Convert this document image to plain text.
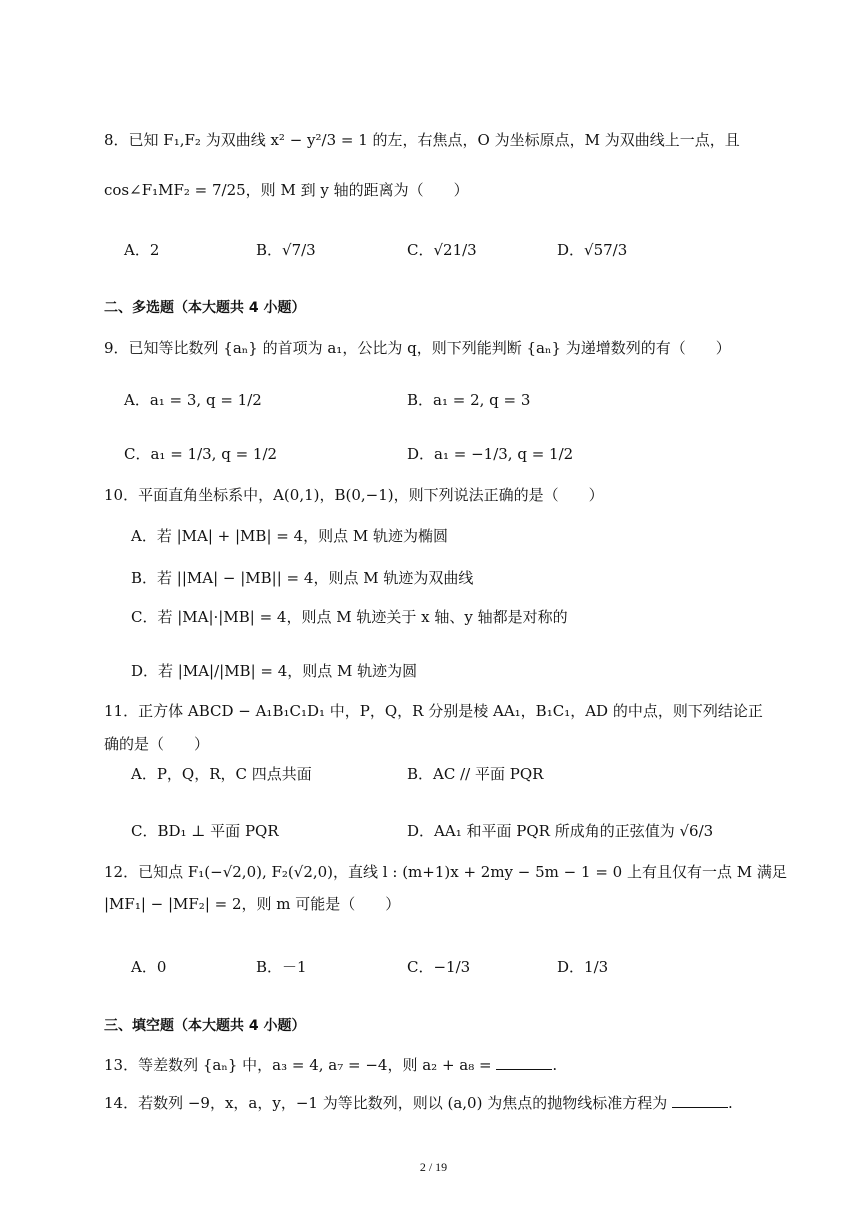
8．已知 F₁,F₂ 为双曲线 x² − y²/3 = 1 的左，右焦点，O 为坐标原点，M 为双曲线上一点，且
cos∠F₁MF₂ = 7/25，则 M 到 y 轴的距离为（　　）
A．2	B．√7/3	C．√21/3	D．√57/3
二、多选题（本大题共 4 小题）
9．已知等比数列 {aₙ} 的首项为 a₁，公比为 q，则下列能判断 {aₙ} 为递增数列的有（　　）
A．a₁ = 3, q = 1/2	B．a₁ = 2, q = 3
C．a₁ = 1/3, q = 1/2	D．a₁ = −1/3, q = 1/2
10．平面直角坐标系中，A(0,1)，B(0,−1)，则下列说法正确的是（　　）
A．若 |MA| + |MB| = 4，则点 M 轨迹为椭圆
B．若 ||MA| − |MB|| = 4，则点 M 轨迹为双曲线
C．若 |MA|·|MB| = 4，则点 M 轨迹关于 x 轴、y 轴都是对称的
D．若 |MA|/|MB| = 4，则点 M 轨迹为圆
11．正方体 ABCD − A₁B₁C₁D₁ 中，P，Q，R 分别是棱 AA₁，B₁C₁，AD 的中点，则下列结论正
确的是（　　）
A．P，Q，R，C 四点共面	B．AC // 平面 PQR
C．BD₁ ⊥ 平面 PQR	D．AA₁ 和平面 PQR 所成角的正弦值为 √6/3
12．已知点 F₁(−√2,0), F₂(√2,0)，直线 l : (m+1)x + 2my − 5m − 1 = 0 上有且仅有一点 M 满足
|MF₁| − |MF₂| = 2，则 m 可能是（　　）
A．0	B．－1	C．−1/3	D．1/3
三、填空题（本大题共 4 小题）
13．等差数列 {aₙ} 中，a₃ = 4, a₇ = −4，则 a₂ + a₈ =	.
14．若数列 −9，x，a，y，−1 为等比数列，则以 (a,0) 为焦点的抛物线标准方程为	.
2 / 19
